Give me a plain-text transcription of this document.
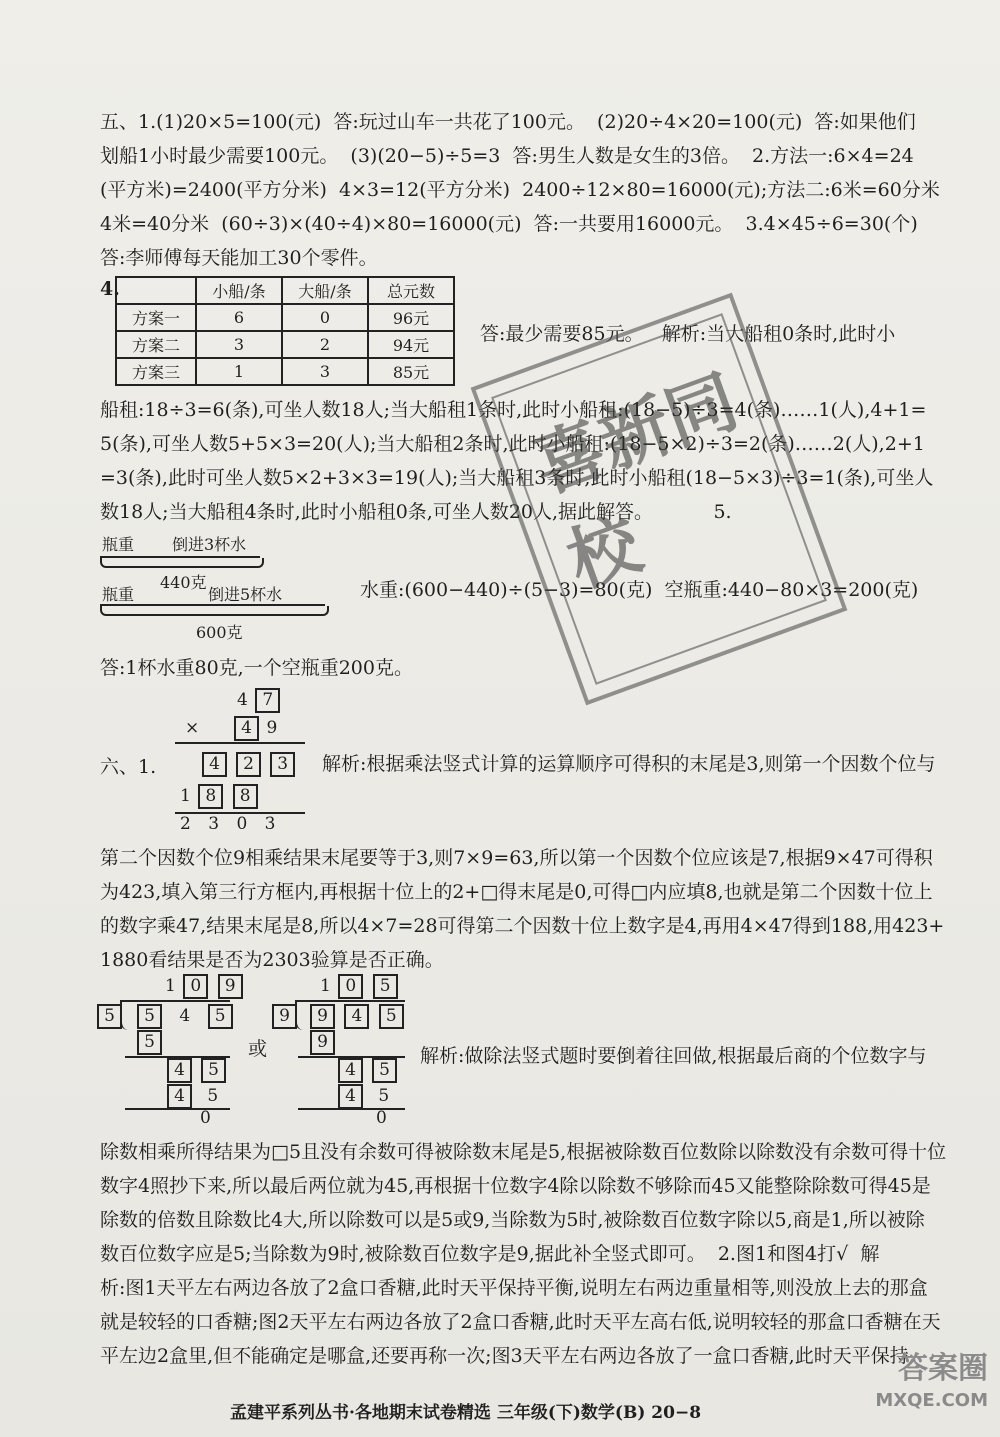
五、1.(1)20×5=100(元)  答:玩过山车一共花了100元。  (2)20÷4×20=100(元)  答:如果他们
划船1小时最少需要100元。  (3)(20−5)÷5=3  答:男生人数是女生的3倍。  2.方法一:6×4=24
(平方米)=2400(平方分米)  4×3=12(平方分米)  2400÷12×80=16000(元);方法二:6米=60分米
4米=40分米  (60÷3)×(40÷4)×80=16000(元)  答:一共要用16000元。  3.4×45÷6=30(个)
答:李师傅每天能加工30个零件。
4.
		小船/条	大船/条	总元数
方案一	6	0	96元
方案二	3	2	94元
方案三	1	3	85元
答:最少需要85元。   解析:当大船租0条时,此时小
船租:18÷3=6(条),可坐人数18人;当大船租1条时,此时小船租:(18−5)÷3=4(条)……1(人),4+1=
5(条),可坐人数5+5×3=20(人);当大船租2条时,此时小船租:(18−5×2)÷3=2(条)……2(人),2+1
=3(条),此时可坐人数5×2+3×3=19(人);当大船租3条时,此时小船租(18−5×3)÷3=1(条),可坐人
数18人;当大船租4条时,此时小船租0条,可坐人数20人,据此解答。          5.
瓶重 倒进3杯水
440克
瓶重	倒进5杯水
600克
水重:(600−440)÷(5−3)=80(克)  空瓶重:440−80×3=200(克)
答:1杯水重80克,一个空瓶重200克。
4 7
× 4 9
六、1.	4 2 3
1 8 8
2 3 0 3
解析:根据乘法竖式计算的运算顺序可得积的末尾是3,则第一个因数个位与
第二个因数个位9相乘结果末尾要等于3,则7×9=63,所以第一个因数个位应该是7,根据9×47可得积
为423,填入第三行方框内,再根据十位上的2+□得末尾是0,可得□内应填8,也就是第二个因数十位上
的数字乘47,结果末尾是8,所以4×7=28可得第二个因数十位上数字是4,再用4×47得到188,用423+
1880看结果是否为2303验算是否正确。
1 0 9
5	5 4 5
5
4 5
4 5
0
或
1 0 5
9	9 4 5
9
4 5
4 5
0
解析:做除法竖式题时要倒着往回做,根据最后商的个位数字与
除数相乘所得结果为□5且没有余数可得被除数末尾是5,根据被除数百位数除以除数没有余数可得十位
数字4照抄下来,所以最后两位就为45,再根据十位数字4除以除数不够除而45又能整除除数可得45是
除数的倍数且除数比4大,所以除数可以是5或9,当除数为5时,被除数百位数字除以5,商是1,所以被除
数百位数字应是5;当除数为9时,被除数百位数字是9,据此补全竖式即可。  2.图1和图4打√  解
析:图1天平左右两边各放了2盒口香糖,此时天平保持平衡,说明左右两边重量相等,则没放上去的那盒
就是较轻的口香糖;图2天平左右两边各放了2盒口香糖,此时天平左高右低,说明较轻的那盒口香糖在天
平左边2盒里,但不能确定是哪盒,还要再称一次;图3天平左右两边各放了一盒口香糖,此时天平保持
喜新同校
孟建平系列丛书·各地期末试卷精选 三年级(下)数学(B) 20−8
答案圈
MXQE.COM
